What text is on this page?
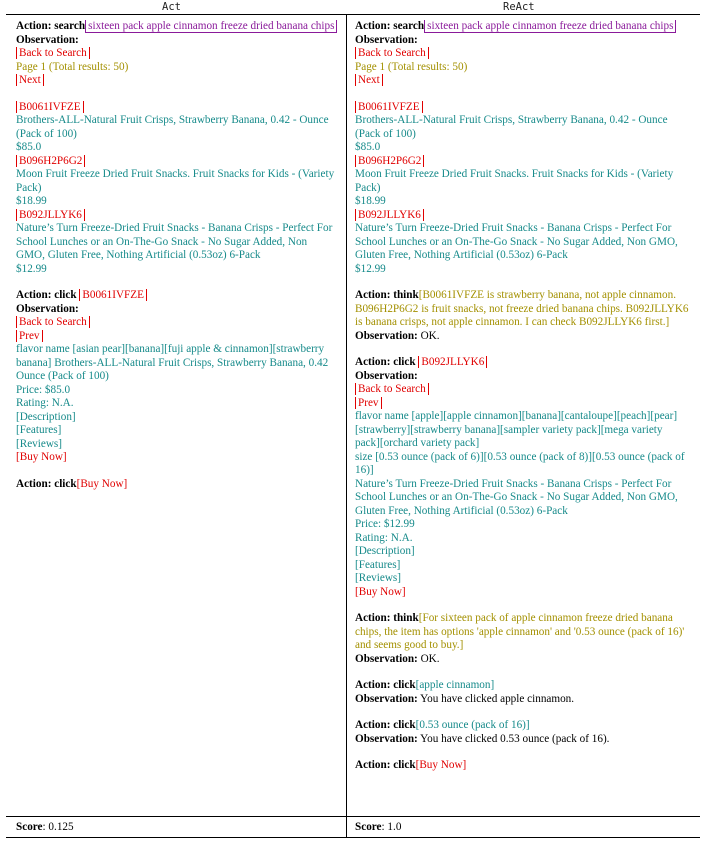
Act	ReAct

Action: search sixteen pack apple cinnamon freeze dried banana chips

Observation:

Back to Search

Page 1 (Total results: 50)

Next

B0061IVFZE

Brothers-ALL-Natural Fruit Crisps, Strawberry Banana, 0.42 - Ounce (Pack of 100)

$85.0

B096H2P6G2

Moon Fruit Freeze Dried Fruit Snacks. Fruit Snacks for Kids - (Variety Pack)

$18.99

B092JLLYK6

Nature’s Turn Freeze-Dried Fruit Snacks - Banana Crisps - Perfect For School Lunches or an On-The-Go Snack - No Sugar Added, Non GMO, Gluten Free, Nothing Artificial (0.53oz) 6-Pack

$12.99

Action: click B0061IVFZE

Observation:

Back to Search

Prev

flavor name [asian pear][banana][fuji apple & cinnamon][strawberry banana] Brothers-ALL-Natural Fruit Crisps, Strawberry Banana, 0.42 Ounce (Pack of 100)

Price: $85.0

Rating: N.A.

[Description]

[Features]

[Reviews]

[Buy Now]

Action: click[Buy Now]

Action: search sixteen pack apple cinnamon freeze dried banana chips

Observation:

Back to Search

Page 1 (Total results: 50)

Next

B0061IVFZE

Brothers-ALL-Natural Fruit Crisps, Strawberry Banana, 0.42 - Ounce (Pack of 100)

$85.0

B096H2P6G2

Moon Fruit Freeze Dried Fruit Snacks. Fruit Snacks for Kids - (Variety Pack)

$18.99

B092JLLYK6

Nature’s Turn Freeze-Dried Fruit Snacks - Banana Crisps - Perfect For School Lunches or an On-The-Go Snack - No Sugar Added, Non GMO, Gluten Free, Nothing Artificial (0.53oz) 6-Pack

$12.99

Action: think[B0061IVFZE is strawberry banana, not apple cinnamon. B096H2P6G2 is fruit snacks, not freeze dried banana chips. B092JLLYK6 is banana crisps, not apple cinnamon. I can check B092JLLYK6 first.]

Observation: OK.

Action: click B092JLLYK6

Observation:

Back to Search

Prev

flavor name [apple][apple cinnamon][banana][cantaloupe][peach][pear] [strawberry][strawberry banana][sampler variety pack][mega variety pack][orchard variety pack]

size [0.53 ounce (pack of 6)][0.53 ounce (pack of 8)][0.53 ounce (pack of 16)]

Nature’s Turn Freeze-Dried Fruit Snacks - Banana Crisps - Perfect For School Lunches or an On-The-Go Snack - No Sugar Added, Non GMO, Gluten Free, Nothing Artificial (0.53oz) 6-Pack

Price: $12.99

Rating: N.A.

[Description]

[Features]

[Reviews]

[Buy Now]

Action: think[For sixteen pack of apple cinnamon freeze dried banana chips, the item has options 'apple cinnamon' and '0.53 ounce (pack of 16)' and seems good to buy.]

Observation: OK.

Action: click[apple cinnamon]

Observation: You have clicked apple cinnamon.

Action: click[0.53 ounce (pack of 16)]

Observation: You have clicked 0.53 ounce (pack of 16).

Action: click[Buy Now]

Score: 0.125	Score: 1.0
